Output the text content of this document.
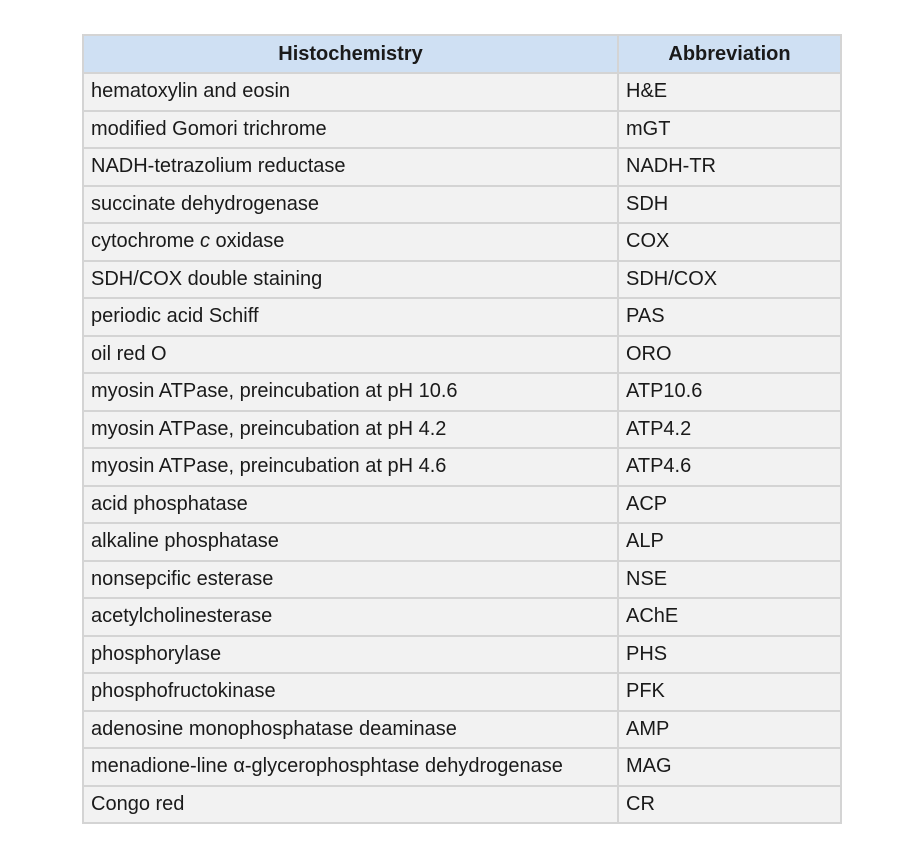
Histochemistry	Abbreviation
hematoxylin and eosin	H&E
modified Gomori trichrome	mGT
NADH-tetrazolium reductase	NADH-TR
succinate dehydrogenase	SDH
cytochrome c oxidase	COX
SDH/COX double staining	SDH/COX
periodic acid Schiff	PAS
oil red O	ORO
myosin ATPase, preincubation at pH 10.6	ATP10.6
myosin ATPase, preincubation at pH 4.2	ATP4.2
myosin ATPase, preincubation at pH 4.6	ATP4.6
acid phosphatase	ACP
alkaline phosphatase	ALP
nonsepcific esterase	NSE
acetylcholinesterase	AChE
phosphorylase	PHS
phosphofructokinase	PFK
adenosine monophosphatase deaminase	AMP
menadione-line α-glycerophosphtase dehydrogenase	MAG
Congo red	CR
